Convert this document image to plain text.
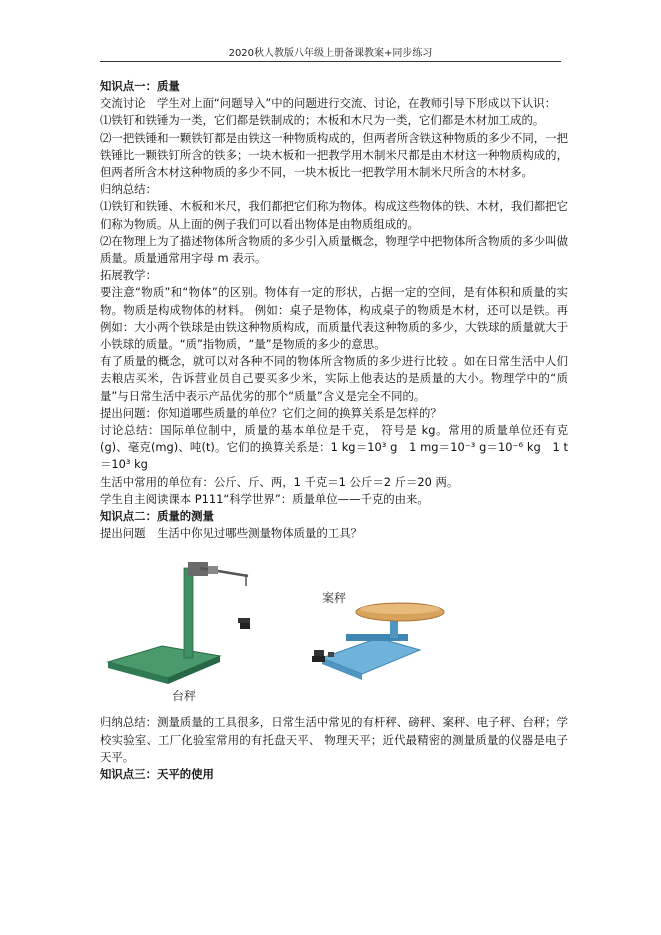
2020秋人教版八年级上册备课教案+同步练习

知识点一：质量

交流讨论　学生对上面“问题导入”中的问题进行交流、讨论，在教师引导下形成以下认识：

⑴铁钉和铁锤为一类，它们都是铁制成的；木板和木尺为一类，它们都是木材加工成的。

⑵一把铁锤和一颗铁钉都是由铁这一种物质构成的，但两者所含铁这种物质的多少不同，一把铁锤比一颗铁钉所含的铁多；一块木板和一把教学用木制米尺都是由木材这一种物质构成的，但两者所含木材这种物质的多少不同，一块木板比一把教学用木制米尺所含的木材多。

归纳总结：

⑴铁钉和铁锤、木板和米尺，我们都把它们称为物体。构成这些物体的铁、木材，我们都把它们称为物质。从上面的例子我们可以看出物体是由物质组成的。

⑵在物理上为了描述物体所含物质的多少引入质量概念，物理学中把物体所含物质的多少叫做质量。质量通常用字母 m 表示。

拓展教学：

要注意“物质”和“物体”的区别。物体有一定的形状，占据一定的空间，是有体积和质量的实物。物质是构成物体的材料。 例如：桌子是物体，构成桌子的物质是木材，还可以是铁。再例如：大小两个铁球是由铁这种物质构成，而质量代表这种物质的多少，大铁球的质量就大于小铁球的质量。“质”指物质，“量”是物质的多少的意思。

有了质量的概念，就可以对各种不同的物体所含物质的多少进行比较 。如在日常生活中人们去粮店买米，告诉营业员自己要买多少米，实际上他表达的是质量的大小。物理学中的“质量”与日常生活中表示产品优劣的那个“质量”含义是完全不同的。

提出问题：你知道哪些质量的单位？它们之间的换算关系是怎样的？

讨论总结：国际单位制中，质量的基本单位是千克， 符号是 kg。常用的质量单位还有克(g)、毫克(mg)、吨(t)。它们的换算关系是：1 kg＝10³ g　1 mg＝10⁻³ g＝10⁻⁶ kg　1 t＝10³ kg

生活中常用的单位有：公斤、斤、两，1 千克＝1 公斤＝2 斤＝20 两。

学生自主阅读课本 P111“科学世界”：质量单位——千克的由来。

知识点二：质量的测量

提出问题　生活中你见过哪些测量物体质量的工具？

台秤
案秤

归纳总结：测量质量的工具很多，日常生活中常见的有杆秤、磅秤、案秤、电子秤、台秤；学校实验室、工厂化验室常用的有托盘天平、 物理天平；近代最精密的测量质量的仪器是电子天平。

知识点三：天平的使用
